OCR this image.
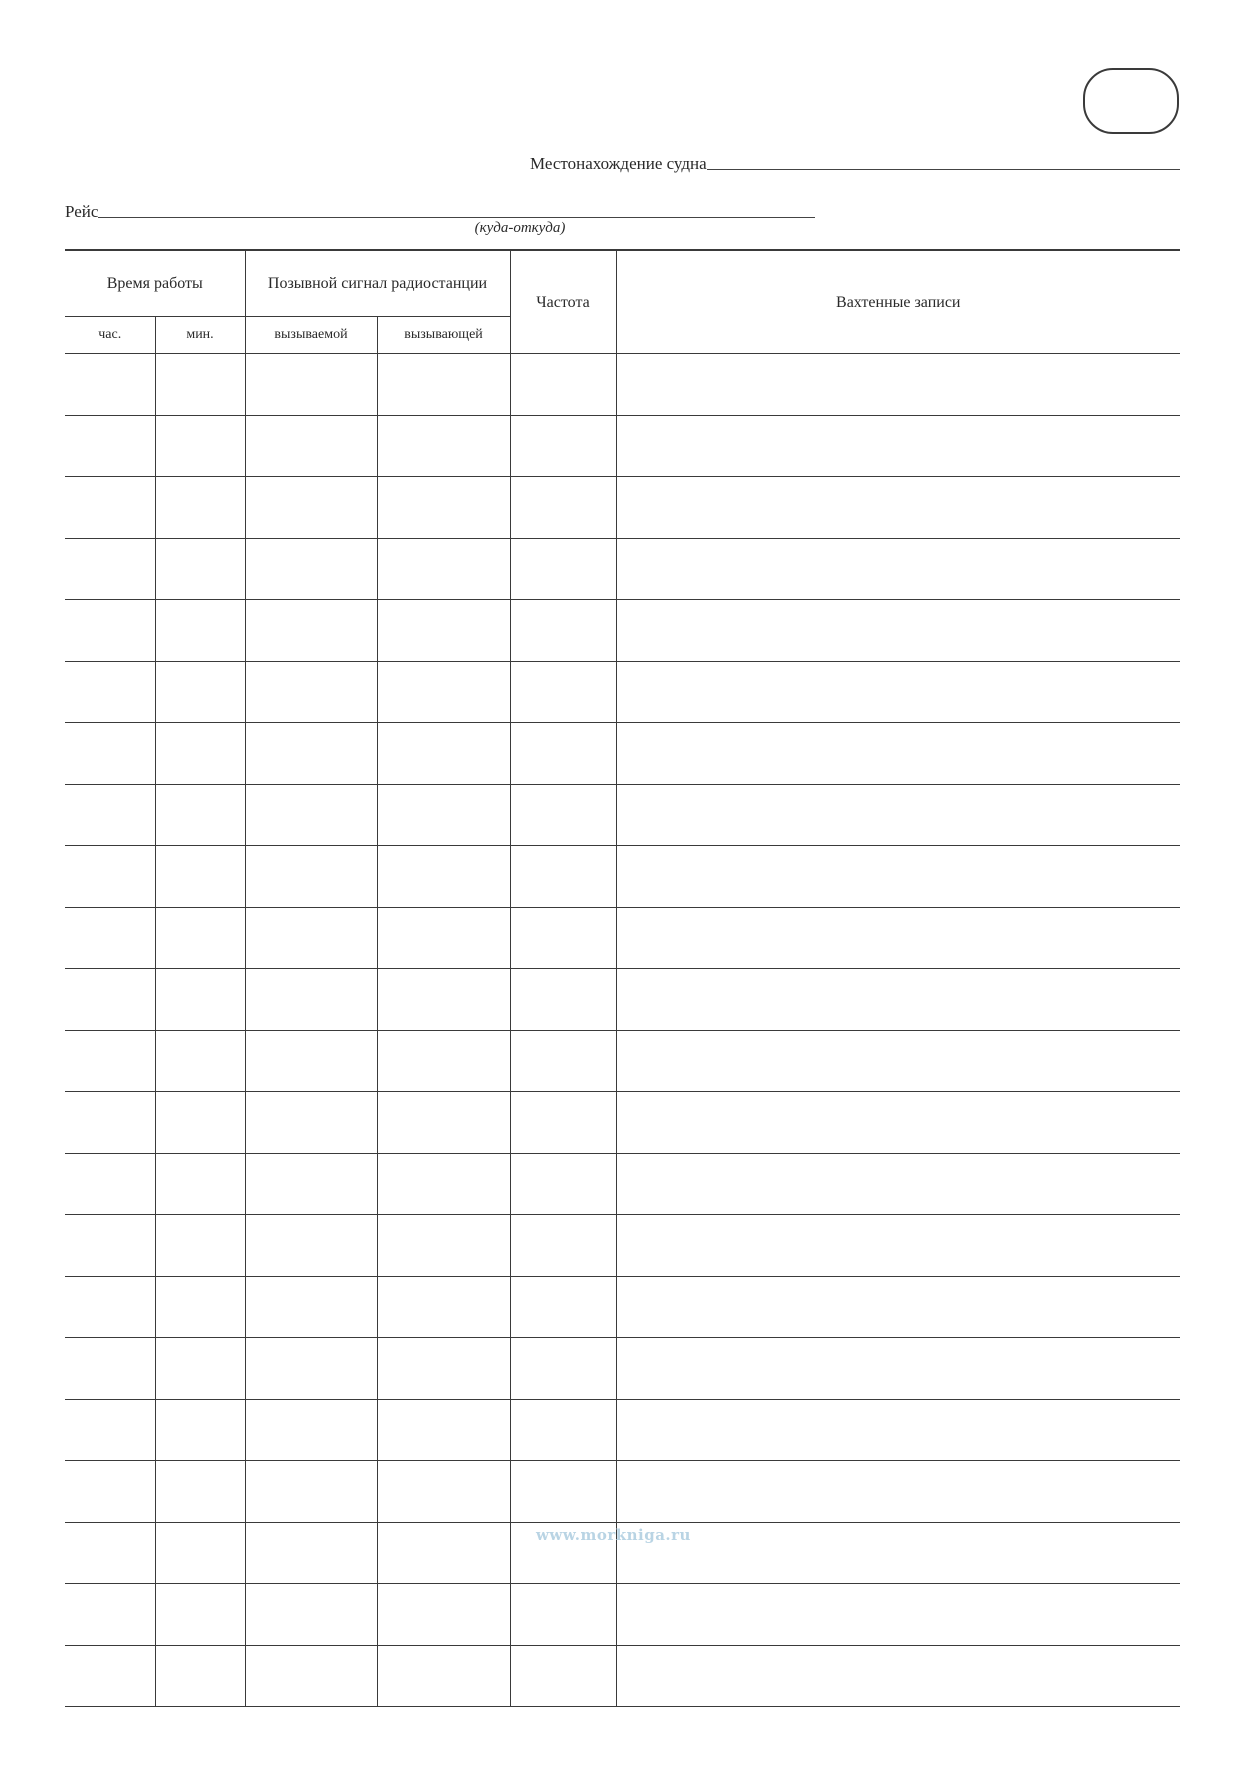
Местонахождение судна
Рейс
(куда-откуда)
Время работы		Позывной сигнал радиостанции		Частота	Вахтенные записи
час.	мин.	вызываемой	вызывающей		

www.morkniga.ru
